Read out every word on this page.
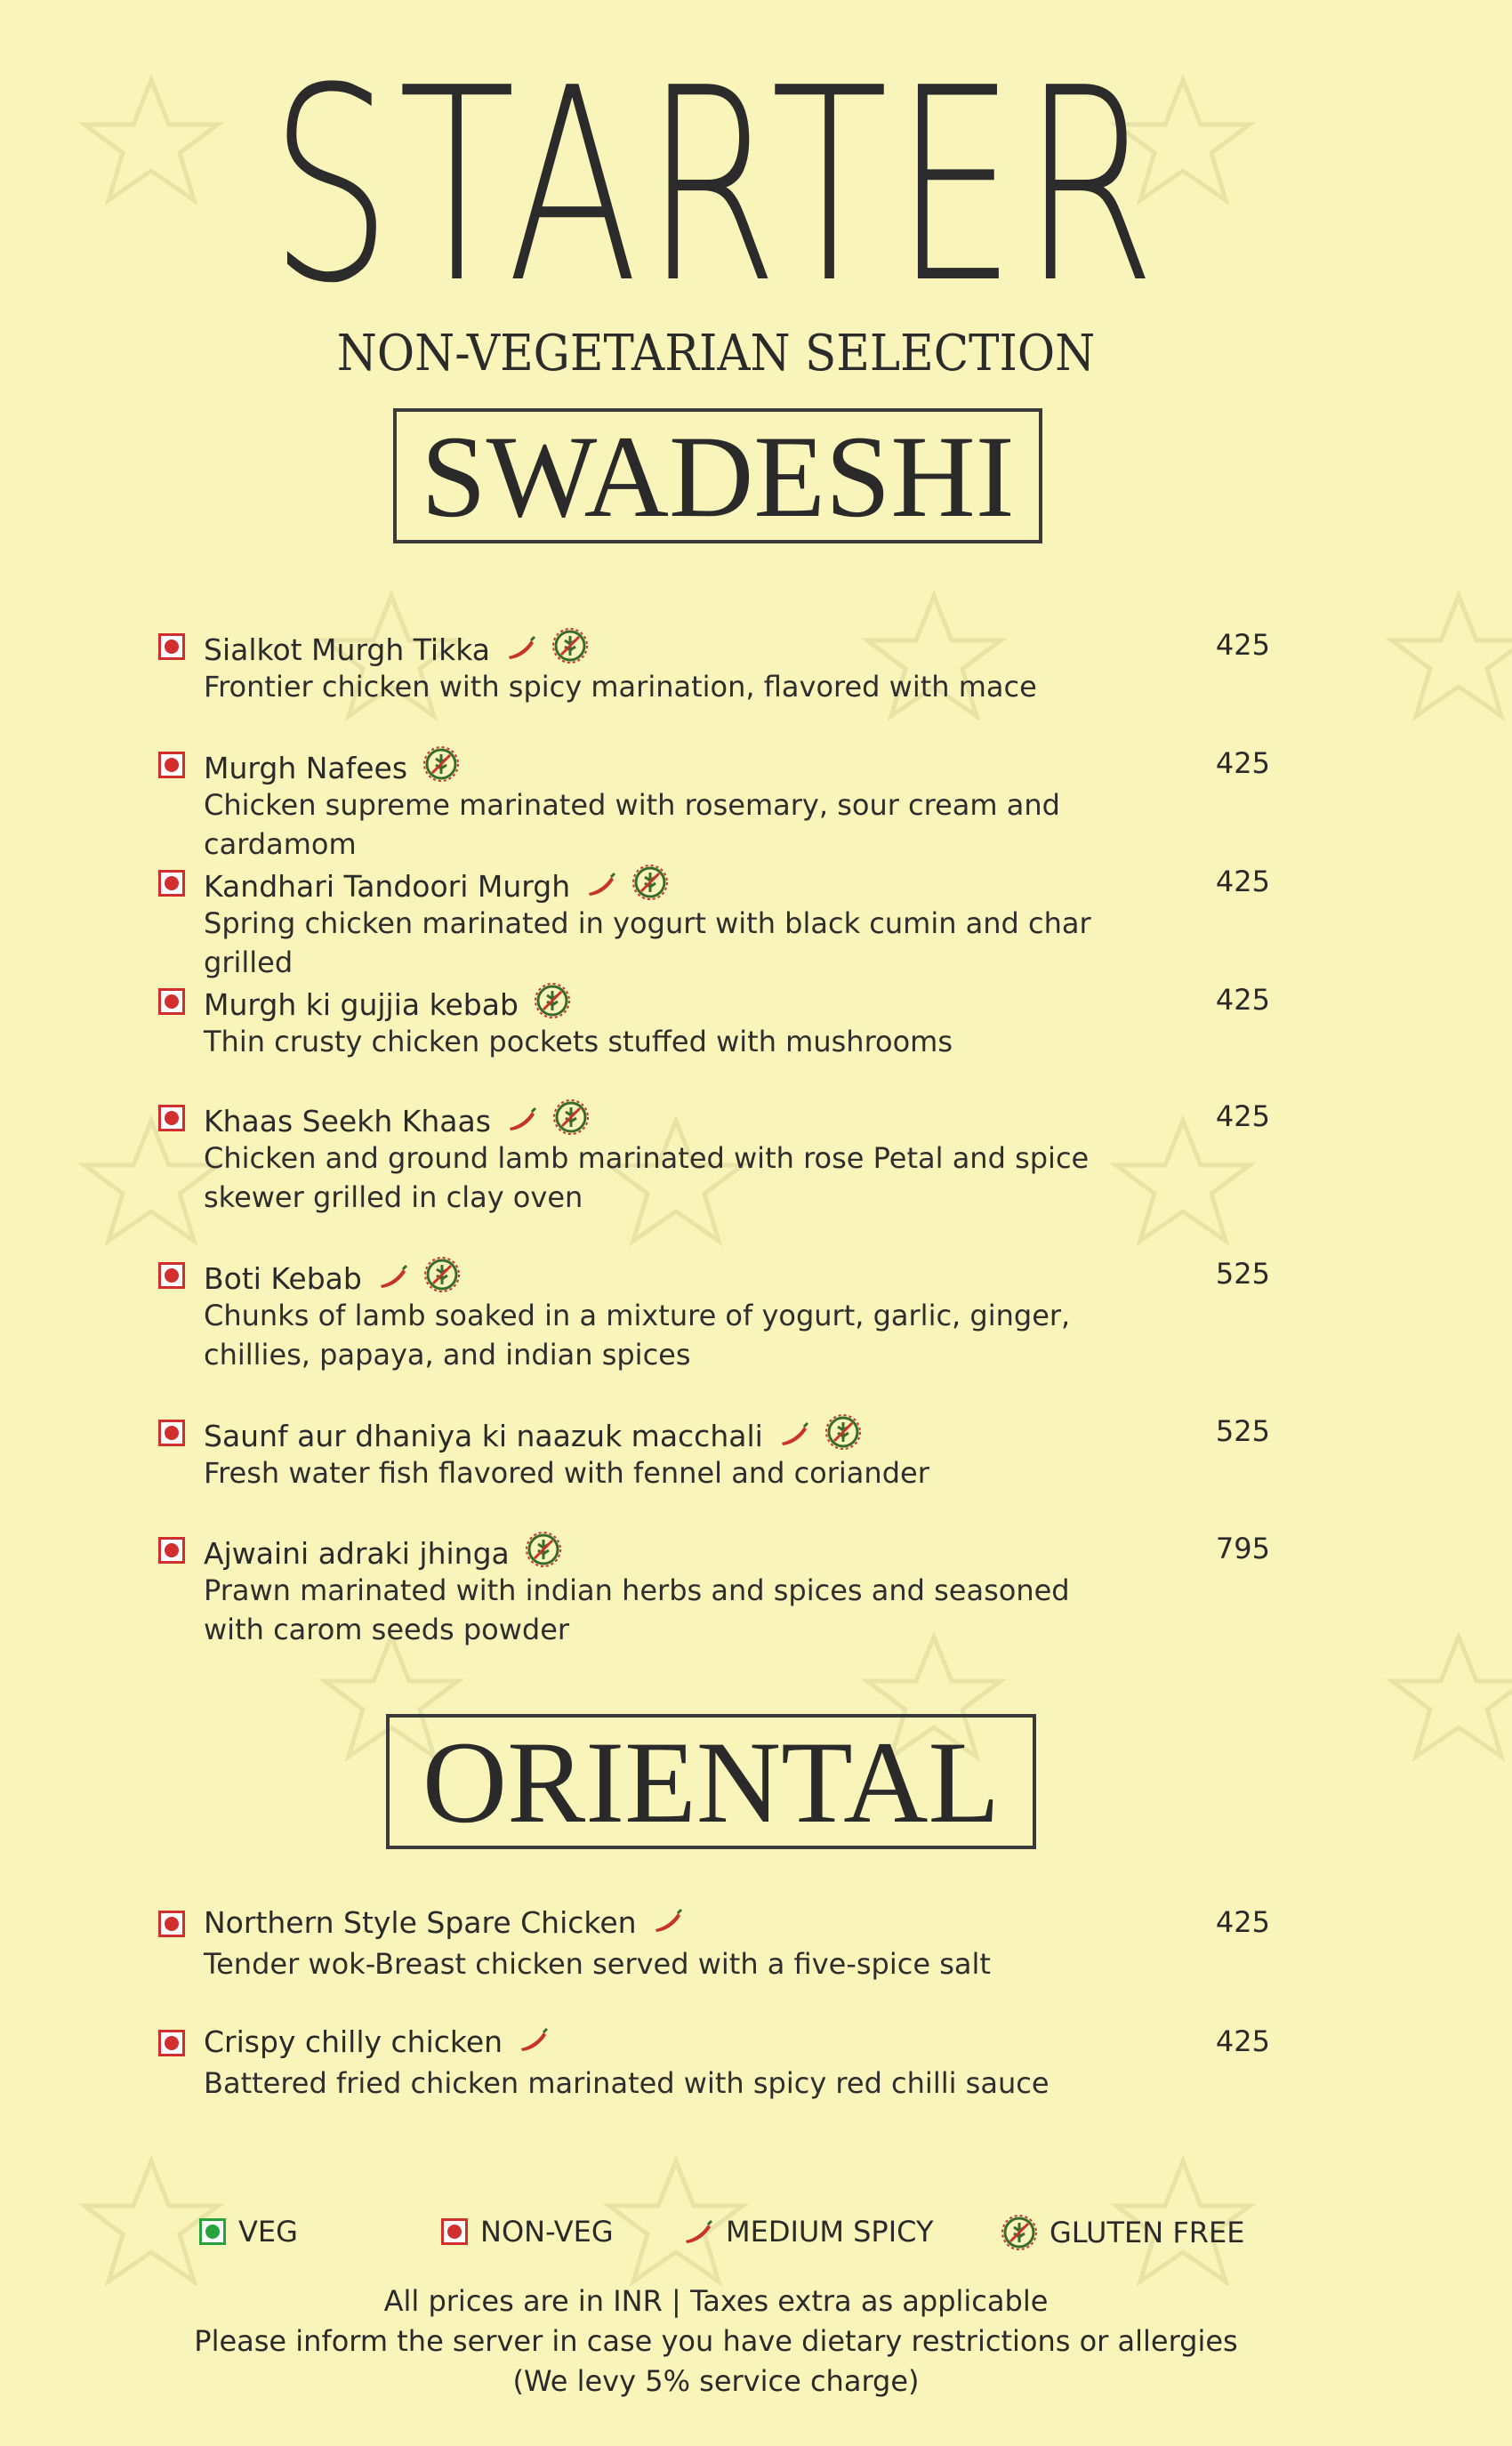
STARTER
NON-VEGETARIAN SELECTION
SWADESHI
Sialkot Murgh Tikka
Frontier chicken with spicy marination, flavored with mace
425
Murgh Nafees
Chicken supreme marinated with rosemary, sour cream and cardamom
425
Kandhari Tandoori Murgh
Spring chicken marinated in yogurt with black cumin and char grilled
425
Murgh ki gujjia kebab
Thin crusty chicken pockets stuffed with mushrooms
425
Khaas Seekh Khaas
Chicken and ground lamb marinated with rose Petal and spice skewer grilled in clay oven
425
Boti Kebab
Chunks of lamb soaked in a mixture of yogurt, garlic, ginger, chillies, papaya, and indian spices
525
Saunf aur dhaniya ki naazuk macchali
Fresh water fish flavored with fennel and coriander
525
Ajwaini adraki jhinga
Prawn marinated with indian herbs and spices and seasoned with carom seeds powder
795
ORIENTAL
Northern Style Spare Chicken
Tender wok-Breast chicken served with a five-spice salt
425
Crispy chilly chicken
Battered fried chicken marinated with spicy red chilli sauce
425
VEG	NON-VEG	MEDIUM SPICY	GLUTEN FREE
All prices are in INR | Taxes extra as applicable
Please inform the server in case you have dietary restrictions or allergies
(We levy 5% service charge)
